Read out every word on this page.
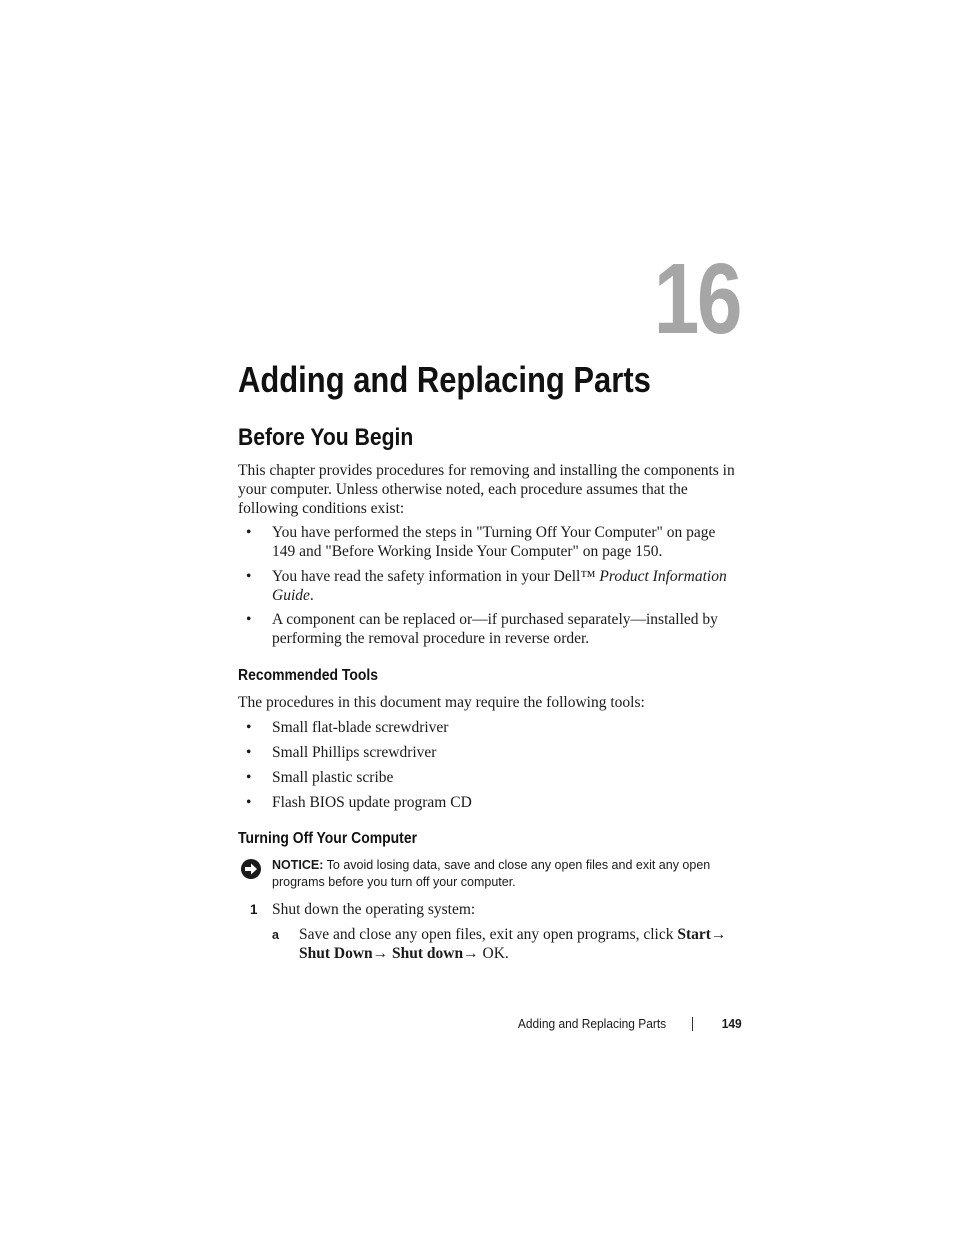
16
Adding and Replacing Parts
Before You Begin

This chapter provides procedures for removing and installing the components in your computer. Unless otherwise noted, each procedure assumes that the following conditions exist:

• You have performed the steps in "Turning Off Your Computer" on page 149 and "Before Working Inside Your Computer" on page 150.
• You have read the safety information in your Dell™ Product Information Guide.
• A component can be replaced or—if purchased separately—installed by performing the removal procedure in reverse order.
Recommended Tools

The procedures in this document may require the following tools:

• Small flat-blade screwdriver
• Small Phillips screwdriver
• Small plastic scribe
• Flash BIOS update program CD
Turning Off Your Computer
NOTICE: To avoid losing data, save and close any open files and exit any open programs before you turn off your computer.
1 Shut down the operating system:
a Save and close any open files, exit any open programs, click Start→
Shut Down→ Shut down→ OK.
Adding and Replacing Parts	149
